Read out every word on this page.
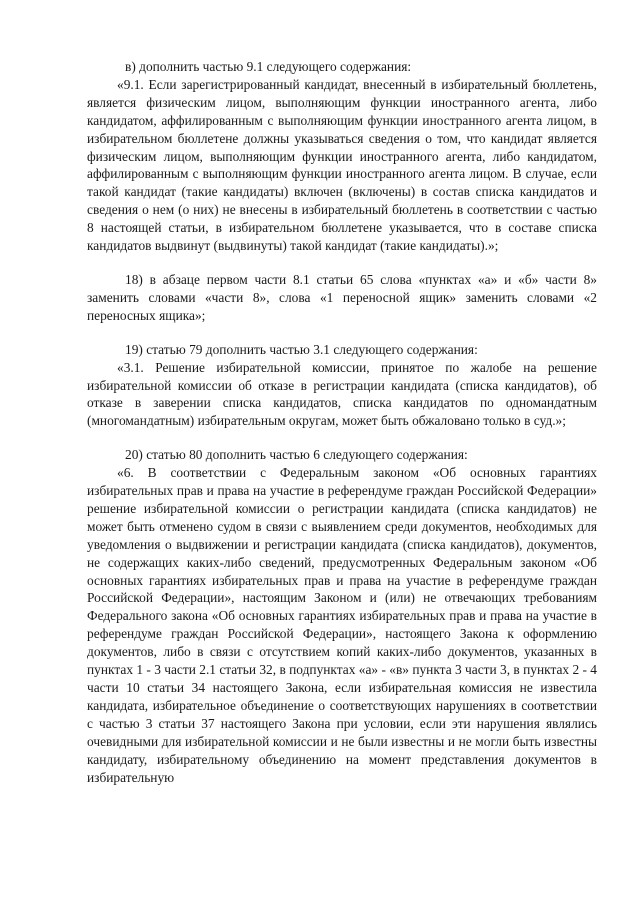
в) дополнить частью 9.1 следующего содержания:

«9.1. Если зарегистрированный кандидат, внесенный в избирательный бюллетень, является физическим лицом, выполняющим функции иностранного агента, либо кандидатом, аффилированным с выполняющим функции иностранного агента лицом, в избирательном бюллетене должны указываться сведения о том, что кандидат является физическим лицом, выполняющим функции иностранного агента, либо кандидатом, аффилированным с выполняющим функции иностранного агента лицом. В случае, если такой кандидат (такие кандидаты) включен (включены) в состав списка кандидатов и сведения о нем (о них) не внесены в избирательный бюллетень в соответствии с частью 8 настоящей статьи, в избирательном бюллетене указывается, что в составе списка кандидатов выдвинут (выдвинуты) такой кандидат (такие кандидаты).»;

18) в абзаце первом части 8.1 статьи 65 слова «пунктах «а» и «б» части 8» заменить словами «части 8», слова «1 переносной ящик» заменить словами «2 переносных ящика»;

19) статью 79 дополнить частью 3.1 следующего содержания:

«3.1. Решение избирательной комиссии, принятое по жалобе на решение избирательной комиссии об отказе в регистрации кандидата (списка кандидатов), об отказе в заверении списка кандидатов, списка кандидатов по одномандатным (многомандатным) избирательным округам, может быть обжаловано только в суд.»;

20) статью 80 дополнить частью 6 следующего содержания:

«6. В соответствии с Федеральным законом «Об основных гарантиях избирательных прав и права на участие в референдуме граждан Российской Федерации» решение избирательной комиссии о регистрации кандидата (списка кандидатов) не может быть отменено судом в связи с выявлением среди документов, необходимых для уведомления о выдвижении и регистрации кандидата (списка кандидатов), документов, не содержащих каких-либо сведений, предусмотренных Федеральным законом «Об основных гарантиях избирательных прав и права на участие в референдуме граждан Российской Федерации», настоящим Законом и (или) не отвечающих требованиям Федерального закона «Об основных гарантиях избирательных прав и права на участие в референдуме граждан Российской Федерации», настоящего Закона к оформлению документов, либо в связи с отсутствием копий каких-либо документов, указанных в пунктах 1 - 3 части 2.1 статьи 32, в подпунктах «а» - «в» пункта 3 части 3, в пунктах 2 - 4 части 10 статьи 34 настоящего Закона, если избирательная комиссия не известила кандидата, избирательное объединение о соответствующих нарушениях в соответствии с частью 3 статьи 37 настоящего Закона при условии, если эти нарушения являлись очевидными для избирательной комиссии и не были известны и не могли быть известны кандидату, избирательному объединению на момент представления документов в избирательную
